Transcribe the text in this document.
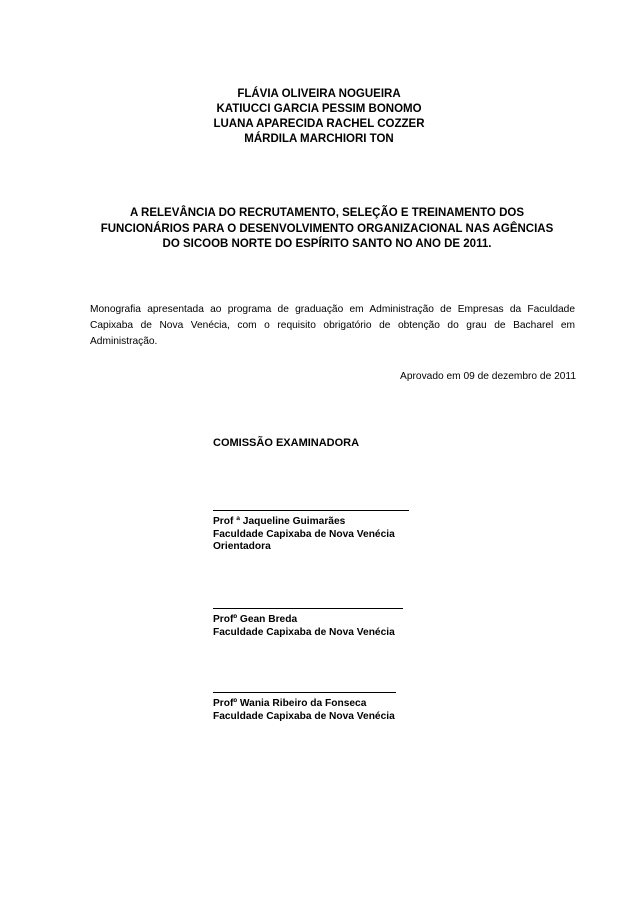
FLÁVIA OLIVEIRA NOGUEIRA
KATIUCCI GARCIA PESSIM BONOMO
LUANA APARECIDA RACHEL COZZER
MÁRDILA MARCHIORI TON
A RELEVÂNCIA DO RECRUTAMENTO, SELEÇÃO E TREINAMENTO DOS
FUNCIONÁRIOS PARA O DESENVOLVIMENTO ORGANIZACIONAL NAS AGÊNCIAS
DO SICOOB NORTE DO ESPÍRITO SANTO NO ANO DE 2011.
Monografia apresentada ao programa de graduação em Administração de Empresas da Faculdade Capixaba de Nova Venécia, com o requisito obrigatório de obtenção do grau de Bacharel em Administração.
Aprovado em 09 de dezembro de 2011
COMISSÃO EXAMINADORA
Prof ª Jaqueline Guimarães
Faculdade Capixaba de Nova Venécia
Orientadora
Profº Gean Breda
Faculdade Capixaba de Nova Venécia
Profº Wania Ribeiro da Fonseca
Faculdade Capixaba de Nova Venécia
